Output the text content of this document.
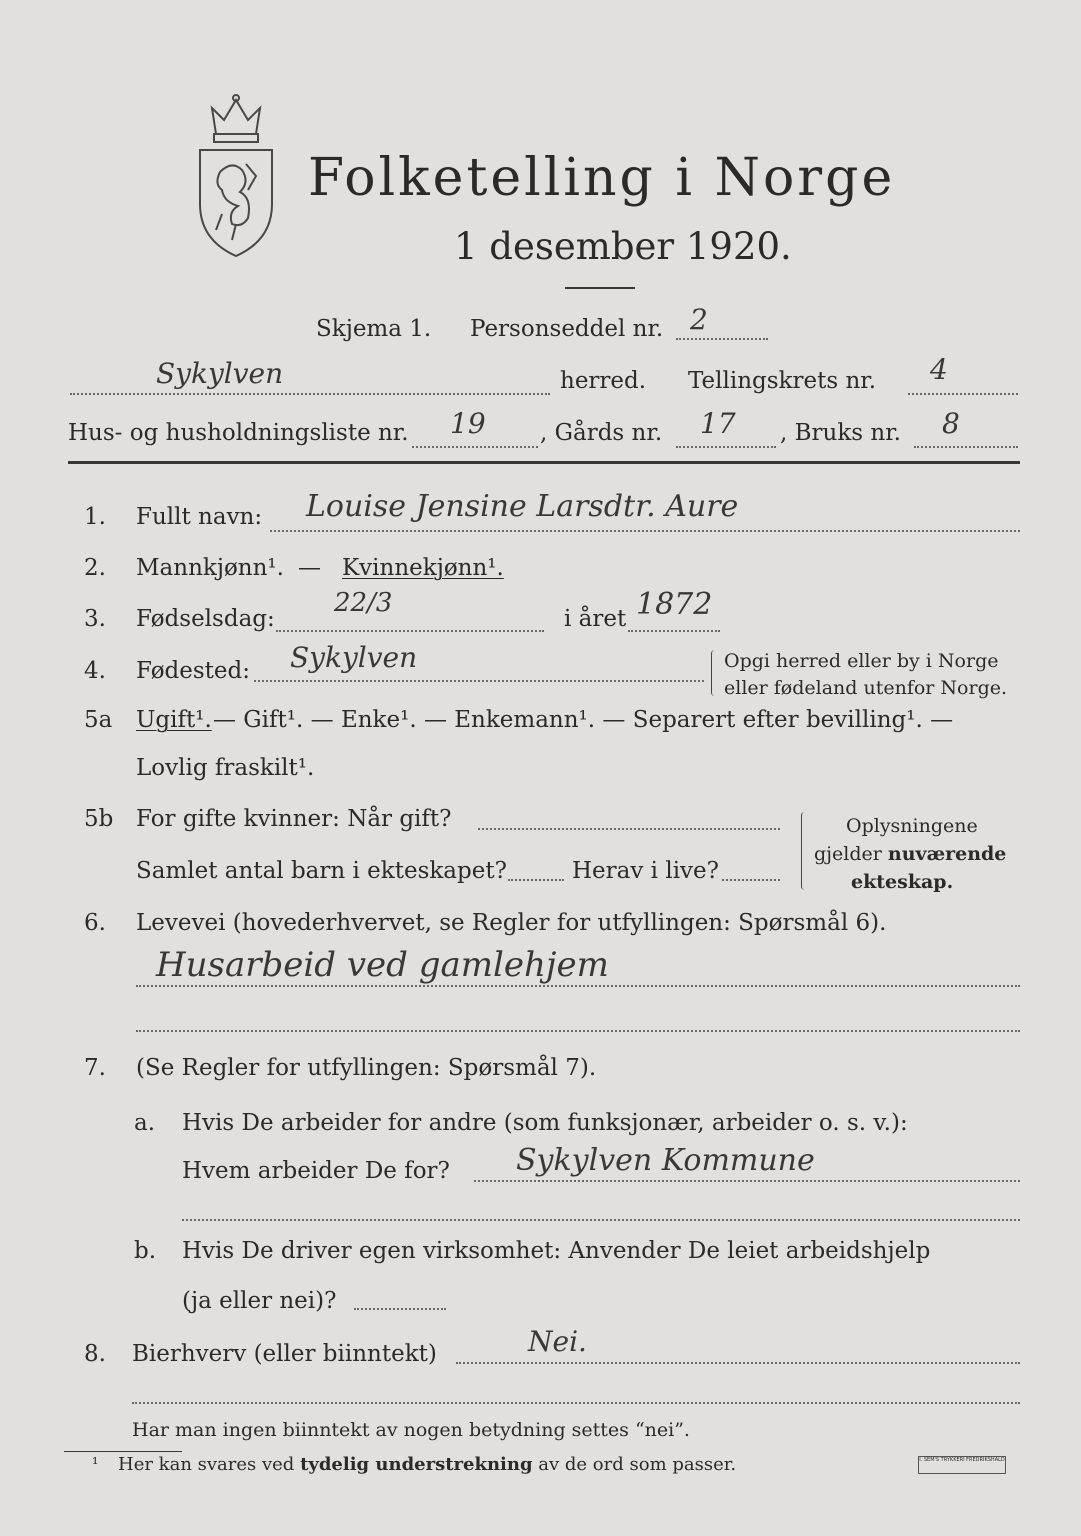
Folketelling i Norge
1 desember 1920.
Skjema 1. Personseddel nr. 2
Sykylven	herred. Tellingskrets nr. 4
Hus- og husholdningsliste nr. 19 , Gårds nr. 17 , Bruks nr. 8
1. Fullt navn: Louise Jensine Larsdtr. Aure
2. Mannkjønn¹. — Kvinnekjønn¹.
3. Fødselsdag:
22/3
i året 1872
4. Fødested: Sykylven	Opgi herred eller by i Norge
eller fødeland utenfor Norge.
5a Ugift¹. — Gift¹. — Enke¹. — Enkemann¹. — Separert efter bevilling¹. —
Lovlig fraskilt¹.
5b For gifte kvinner: Når gift?
Samlet antal barn i ekteskapet?	Herav i live?
Oplysningene
gjelder nuværende
ekteskap.
6. Levevei (hovederhvervet, se Regler for utfyllingen: Spørsmål 6).
Husarbeid ved gamlehjem
7. (Se Regler for utfyllingen: Spørsmål 7).
a. Hvis De arbeider for andre (som funksjonær, arbeider o. s. v.):
Hvem arbeider De for? Sykylven Kommune
b. Hvis De driver egen virksomhet: Anvender De leiet arbeidshjelp
(ja eller nei)?
8. Bierhverv (eller biinntekt)	Nei.
Har man ingen biinntekt av nogen betydning settes “nei”.
¹ Her kan svares ved tydelig understrekning av de ord som passer.	I. SEM'S TRYKKERI FREDRIKSHALD
